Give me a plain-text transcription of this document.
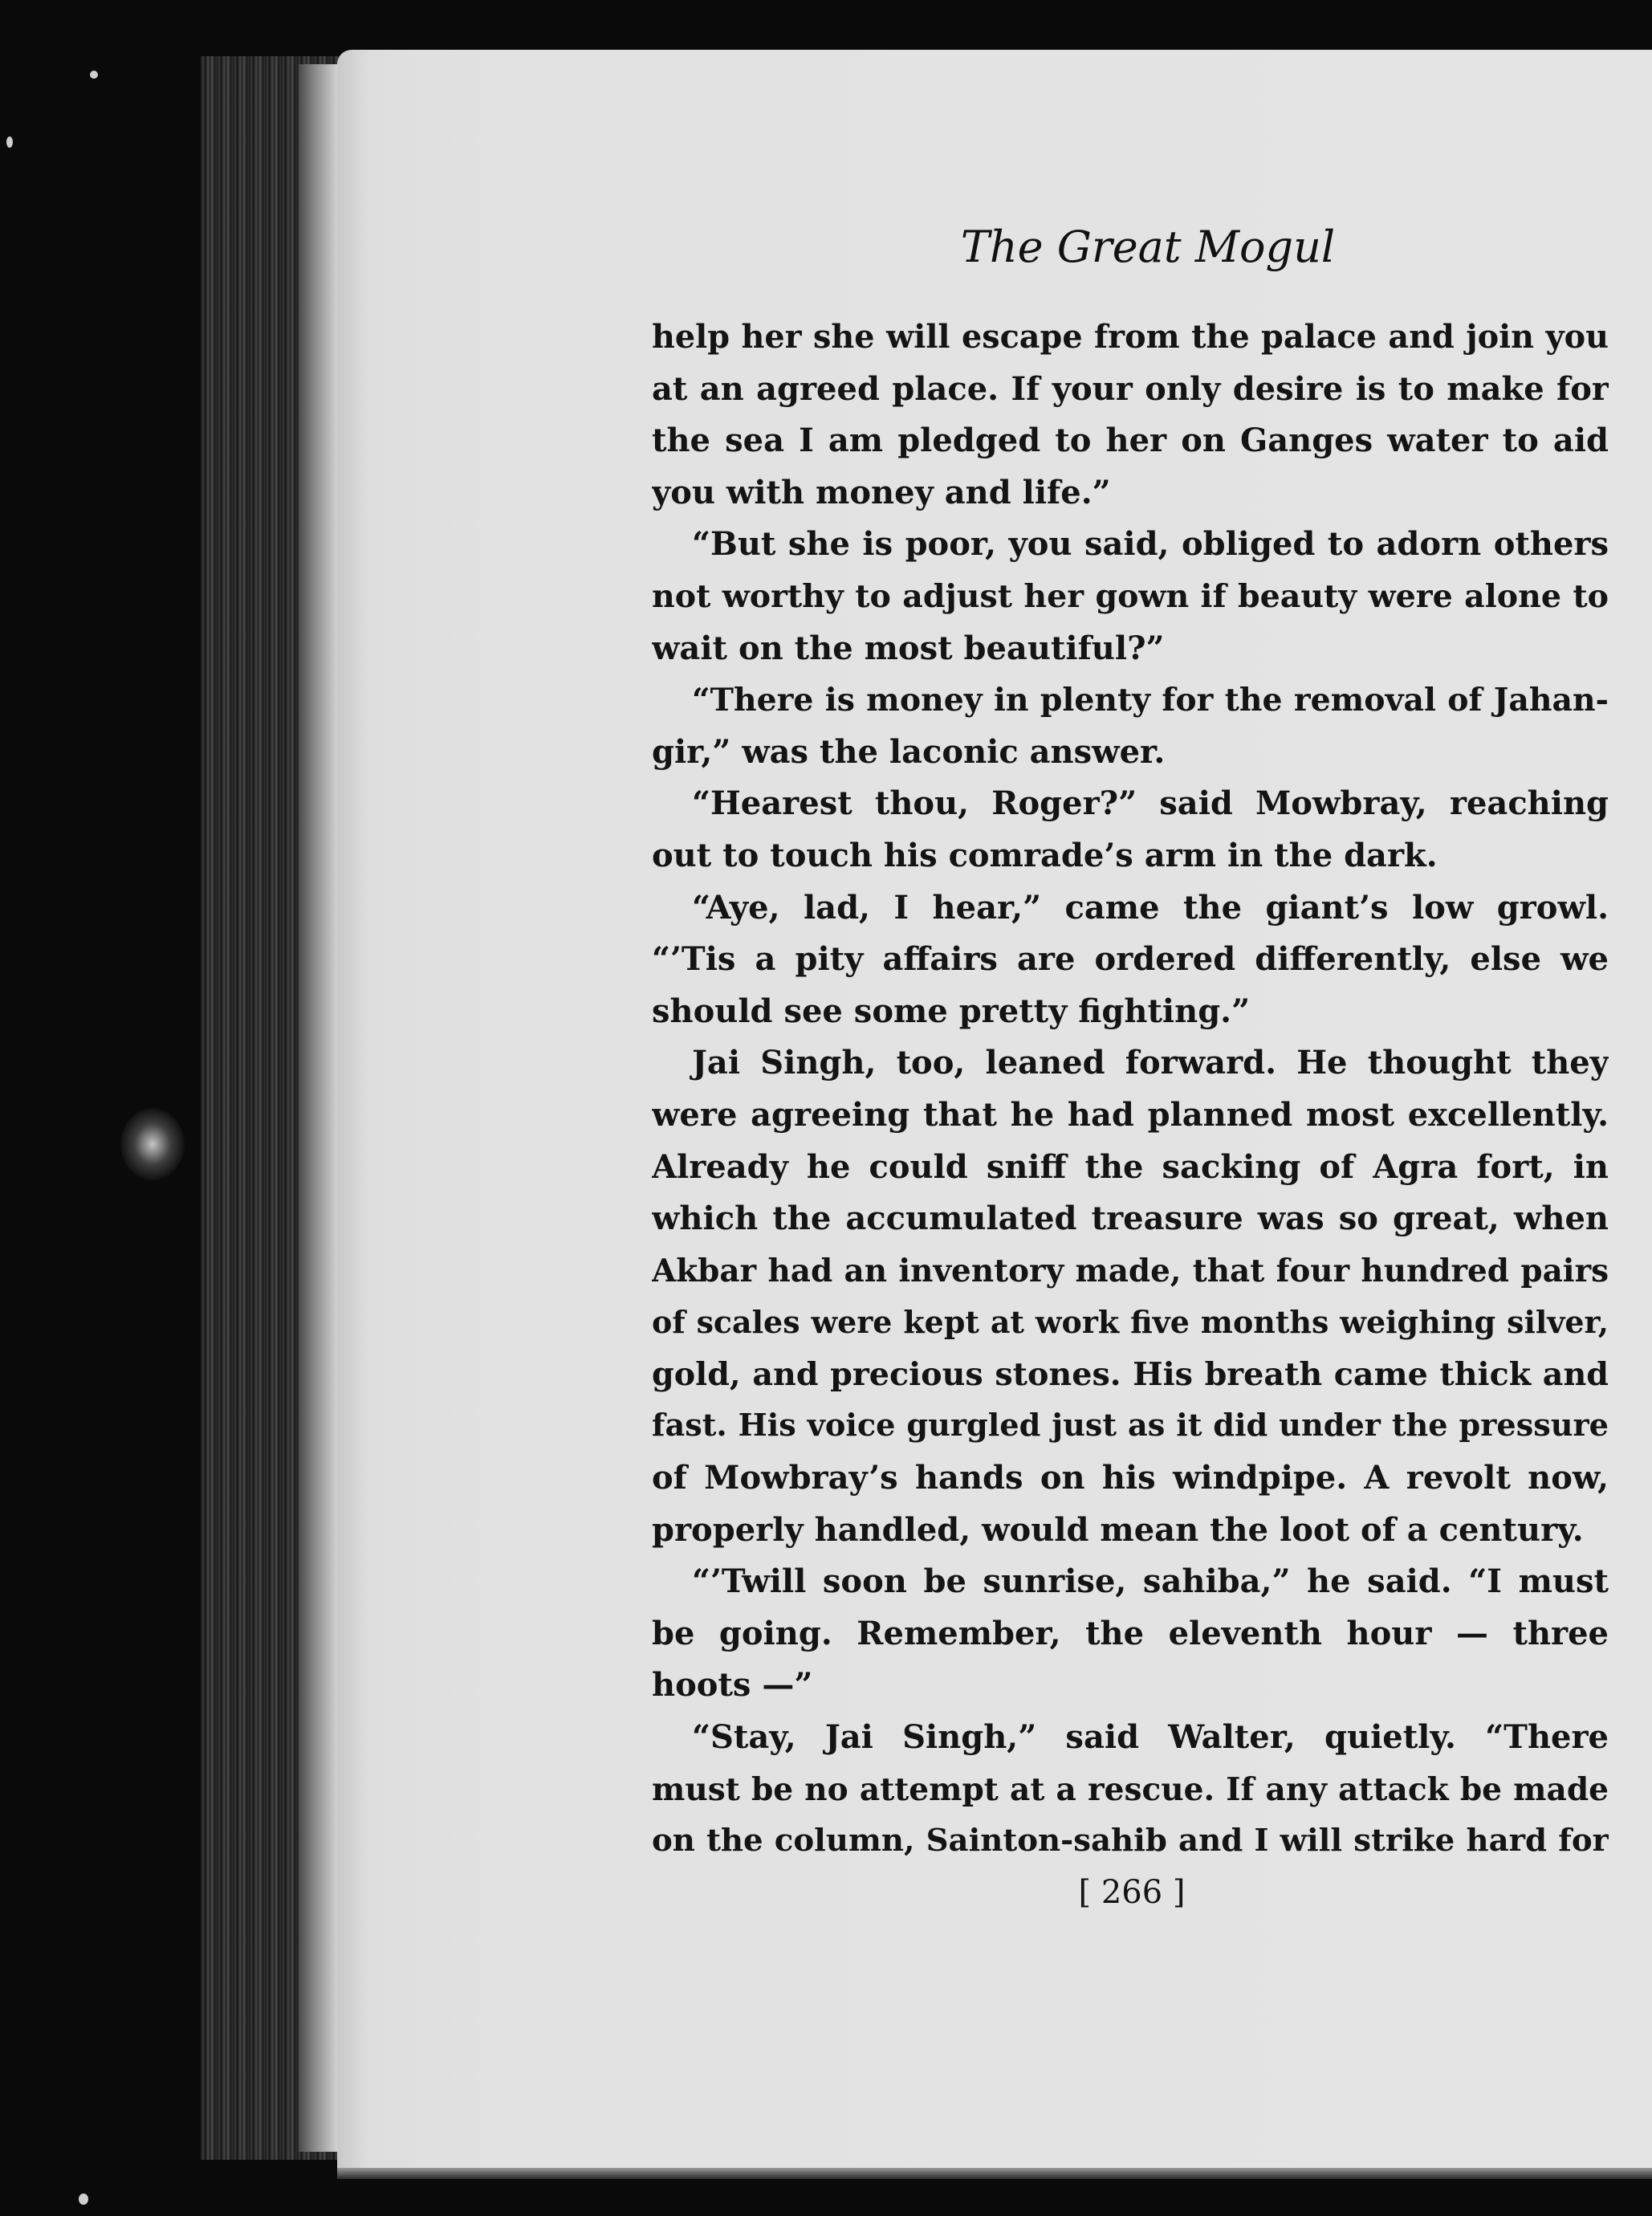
The Great Mogul
help her she will escape from the palace and join you
at an agreed place. If your only desire is to make for
the sea I am pledged to her on Ganges water to aid
you with money and life.”
“But she is poor, you said, obliged to adorn others
not worthy to adjust her gown if beauty were alone to
wait on the most beautiful?”
“There is money in plenty for the removal of Jahan-
gir,” was the laconic answer.
“Hearest thou, Roger?” said Mowbray, reaching
out to touch his comrade’s arm in the dark.
“Aye, lad, I hear,” came the giant’s low growl.
“’Tis a pity affairs are ordered differently, else we
should see some pretty fighting.”
Jai Singh, too, leaned forward. He thought they
were agreeing that he had planned most excellently.
Already he could sniff the sacking of Agra fort, in
which the accumulated treasure was so great, when
Akbar had an inventory made, that four hundred pairs
of scales were kept at work five months weighing silver,
gold, and precious stones. His breath came thick and
fast. His voice gurgled just as it did under the pressure
of Mowbray’s hands on his windpipe. A revolt now,
properly handled, would mean the loot of a century.
“’Twill soon be sunrise, sahiba,” he said. “I must
be going. Remember, the eleventh hour — three
hoots —”
“Stay, Jai Singh,” said Walter, quietly. “There
must be no attempt at a rescue. If any attack be made
on the column, Sainton-sahib and I will strike hard for
[ 266 ]
